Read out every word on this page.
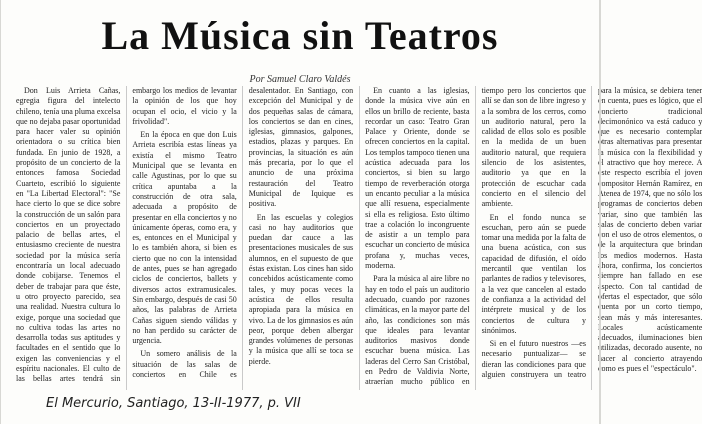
La Música sin Teatros
Por Samuel Claro Valdés

Don Luis Arrieta Cañas, egregia figura del intelecto chileno, tenía una pluma excelsa que no dejaba pasar oportunidad para hacer valer su opinión orientadora o su crítica bien fundada. En junio de 1928, a propósito de un concierto de la entonces famosa Sociedad Cuarteto, escribió lo siguiente en "La Libertad Electoral": "Se hace cierto lo que se dice sobre la construcción de un salón para conciertos en un proyectado palacio de bellas artes, el entusiasmo creciente de nuestra sociedad por la música sería encontraría un local adecuado donde cobijarse. Tenemos el deber de trabajar para que éste, u otro proyecto parecido, sea una realidad. Nuestra cultura lo exige, porque una sociedad que no cultiva todas las artes no desarrolla todas sus aptitudes y facultades en el sentido que lo exigen las conveniencias y el espíritu nacionales. El culto de las bellas artes tendrá sin embargo los medios de levantar la opinión de los que hoy ocupan el ocio, el vicio y la frivolidad".

En la época en que don Luis Arrieta escribía estas líneas ya existía el mismo Teatro Municipal que se levanta en calle Agustinas, por lo que su crítica apuntaba a la construcción de otra sala, adecuada a propósito de presentar en ella conciertos y no únicamente óperas, como era, y es, entonces en el Municipal y lo es también ahora, si bien es cierto que no con la intensidad de antes, pues se han agregado ciclos de conciertos, ballets y diversos actos extramusicales. Sin embargo, después de casi 50 años, las palabras de Arrieta Cañas siguen siendo válidas y no han perdido su carácter de urgencia.

Un somero análisis de la situación de las salas de conciertos en Chile es desalentador. En Santiago, con excepción del Municipal y de dos pequeñas salas de cámara, los conciertos se dan en cines, iglesias, gimnasios, galpones, estadios, plazas y parques. En provincias, la situación es aún más precaria, por lo que el anuncio de una próxima restauración del Teatro Municipal de Iquique es positiva.

En las escuelas y colegios casi no hay auditorios que puedan dar cauce a las presentaciones musicales de sus alumnos, en el supuesto de que éstas existan. Los cines han sido concebidos acústicamente como tales, y muy pocas veces la acústica de ellos resulta apropiada para la música en vivo. La de los gimnasios es aún peor, porque deben albergar grandes volúmenes de personas y la música que allí se toca se pierde.

En cuanto a las iglesias, donde la música vive aún en ellos un brillo de reciente, basta recordar un caso: Teatro Gran Palace y Oriente, donde se ofrecen conciertos en la capital. Los templos tampoco tienen una acústica adecuada para los conciertos, si bien su largo tiempo de reverberación otorga un encanto peculiar a la música que allí resuena, especialmente si ella es religiosa. Esto último trae a colación lo incongruente de asistir a un templo para escuchar un concierto de música profana y, muchas veces, moderna.

Para la música al aire libre no hay en todo el país un auditorio adecuado, cuando por razones climáticas, en la mayor parte del año, las condiciones son más que ideales para levantar auditorios masivos donde escuchar buena música. Las laderas del Cerro San Cristóbal, en Pedro de Valdivia Norte, atraerían mucho público en tiempo pero los conciertos que allí se dan son de libre ingreso y a la sombra de los cerros, como un auditorio natural, pero la calidad de ellos solo es posible en la medida de un buen auditorio natural, que requiera silencio de los asistentes, auditorio ya que en la protección de escuchar cada concierto en el silencio del ambiente.

En el fondo nunca se escuchan, pero aún se puede tomar una medida por la falta de una buena acústica, con sus capacidad de difusión, el oído mercantil que ventilan los parlantes de radios y televisores, a la vez que cancelen al estado de confianza a la actividad del intérprete musical y de los conciertos de cultura y sinónimos.

Si en el futuro nuestros —es necesario puntualizar— se dieran las condiciones para que alguien construyera un teatro para la música, se debiera tener en cuenta, pues es lógico, que el concierto tradicional decimonónico va está caduco y que es necesario contemplar otras alternativas para presentar la música con la flexibilidad y el atractivo que hoy merece. A este respecto escribía el joven compositor Hernán Ramírez, en Atenea de 1974, que no sólo los programas de conciertos deben variar, sino que también las salas de concierto deben variar con el uso de otros elementos, o de la arquitectura que brindan los medios modernos. Hasta ahora, confirma, los conciertos siempre han fallado en ese aspecto. Con tal cantidad de ofertas el espectador, que sólo cuenta por un corto tiempo, sean más y más interesantes. Locales acústicamente adecuados, iluminaciones bien utilizadas, decorado ausente, no hacer al concierto atrayendo como es pues el "espectáculo".

El Mercurio, Santiago, 13-II-1977, p. VII
